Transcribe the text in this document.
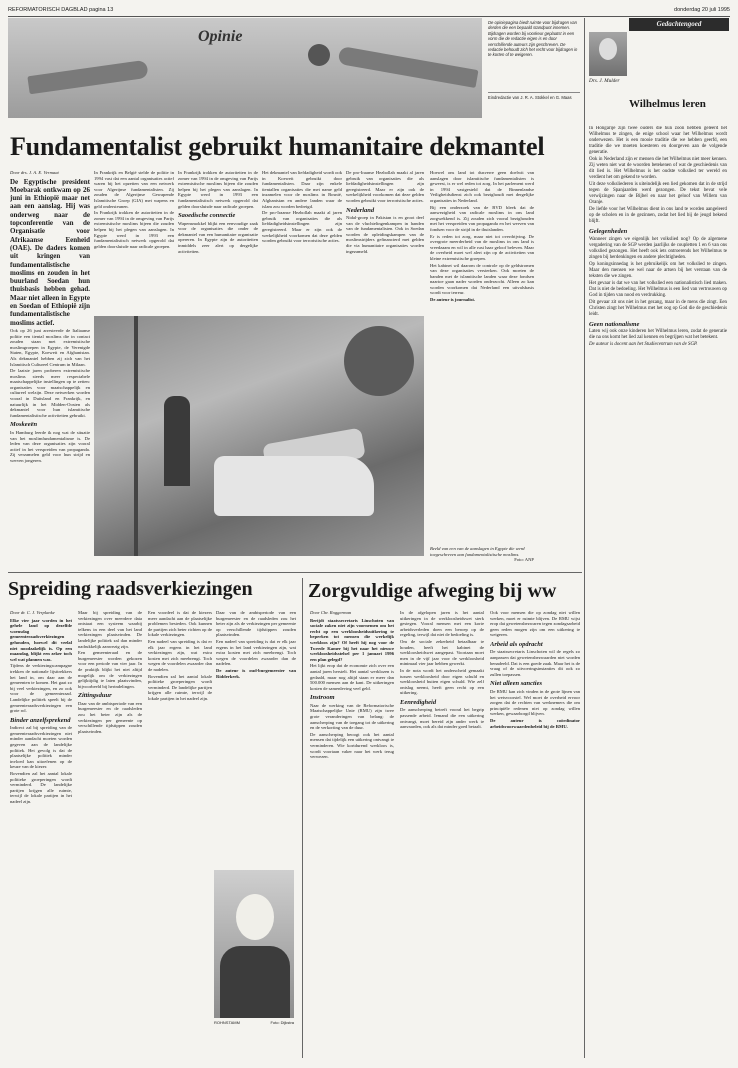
REFORMATORISCH DAGBLAD pagina 13	donderdag 20 juli 1995
Opinie
De opiniepagina biedt ruimte voor bijdragen van derden die een bepaald standpunt innemen. Bijdragen worden bij voorkeur geplaatst in een vorm die de redactie eigen is en door verschillende auteurs zijn geschreven. De redactie behoudt zich het recht voor bijdragen in te korten of te weigeren.
Eindredactie van J. R. A. Stokkel en G. Maas
Gedachtengoed
Drs. J. Mulder
Wilhelmus leren
Fundamentalist gebruikt humanitaire dekmantel
Door drs. J. A. E. Vermaat

De Egyptische president Moebarak ontkwam op 26 juni in Ethiopië maar net aan een aanslag. Hij was onderweg naar de topconferentie van de Organisatie voor Afrikaanse Eenheid (OAE). De daders komen uit kringen van fundamentalistische moslims en zouden in het buurland Soedan hun thuisbasis hebben gehad. Maar niet alleen in Egypte en Soedan of Ethiopië zijn fundamentalistische moslims actief.

Ook op 26 juni arresteerde de Italiaanse politie een tiental moslims die in contact zouden staan met extremistische moslimgroepen in Egypte, de Verenigde Staten, Egypte, Koeweit en Afghanistan. Als dekmantel hebben zij zich van het Islamitisch Cultureel Centrum in Milaan.

De laatste jaren proberen extremistische moslims steeds meer respectabele maatschappelijke instellingen op te zetten: organisaties voor maatschappelijk en cultureel welzijn. Deze netwerken worden vooral in Duitsland en Frankrijk, en natuurlijk in het Midden-Oosten als dekmantel voor hun islamitische fundamentalistische activiteiten gebruikt.

Moskeeën

In Hamburg leerde ik nog wat de situatie van het moslimfundamentalisme is. De leden van deze organisaties zijn vooral actief in het verspreiden van propaganda. Zij verzamelen geld voor hun strijd en werven jongeren.

In Frankrijk en België stelde de politie in 1994 vast dat een aantal organisaties actief waren bij het opzetten van een netwerk voor Algerijnse fundamentalisten. Zij zouden de Algerijnse Gewapende Islamitische Groep (GIA) met wapens en geld ondersteunen.

In Frankrijk trokken de autoriteiten in de zomer van 1994 in de omgeving van Parijs extremistische moslims bijeen die zouden helpen bij het plegen van aanslagen. In Egypte werd in 1993 een fundamentalistisch netwerk opgerold dat gelden doorsluisde naar radicale groepen.

In Frankrijk trokken de autoriteiten in de zomer van 1994 in de omgeving van Parijs extremistische moslims bijeen die zouden helpen bij het plegen van aanslagen. In Egypte werd in 1993 een fundamentalistisch netwerk opgerold dat gelden doorsluisde naar radicale groepen.

Saoedische connectie

Wapensmokkel blijkt een eenvoudige zaak voor de organisaties die onder de dekmantel van een humanitaire organisatie opereren. In Egypte zijn de autoriteiten inmiddels zeer alert op dergelijke activiteiten.

Het dekmantel van liefdadigheid wordt ook in Koeweit gebruikt door fundamentalisten. Daar zijn enkele tientallen organisaties die met name geld inzamelen voor de moslims in Bosnië, Afghanistan en andere landen waar de islam zou worden bedreigd.

De pro-Iraanse Hezbollah maakt al jaren gebruik van organisaties die als liefdadigheidsinstellingen zijn geregistreerd. Maar er zijn ook de werkelijkheid voorkomen dat deze gelden worden gebruikt voor terroristische acties.

De pro-Iraanse Hezbollah maakt al jaren gebruik van organisaties die als liefdadigheidsinstellingen zijn geregistreerd. Maar er zijn ook de werkelijkheid voorkomen dat deze gelden worden gebruikt voor terroristische acties.

Nederland

Nidal-groep in Pakistan is en groot deel van de vluchtelingenkampen in handen van de fundamentalisten. Ook in Soedan worden de opleidingskampen van de moslimstrijders gefinancierd met gelden die via humanitaire organisaties worden ingezameld.

Hoewel ons land tot dusverre geen doelwit van aanslagen door islamitische fundamentalisten is geweest, is er wel reden tot zorg. In het parlement werd in 1994 vastgesteld dat de Binnenlandse Veiligheidsdienst zich ook bezighoudt met dergelijke organisaties in Nederland.

Bij een onderzoek van de BVD bleek dat de aanwezigheid van radicale moslims in ons land zorgwekkend is. Zij zouden zich vooral bezighouden met het verspreiden van propaganda en het werven van fondsen voor de strijd in de thuislanden.

Er is reden tot zorg, maar niet tot overdrijving. De overgrote meerderheid van de moslims in ons land is vreedzaam en wil in alle rust haar geloof beleven. Maar de overheid moet wel alert zijn op de activiteiten van kleine extremistische groepen.

Het kabinet wil daarom de controle op de geldstromen van deze organisaties versterken. Ook moeten de banden met de islamitische landen waar deze fondsen naartoe gaan nader worden onderzocht. Alleen zo kan worden voorkomen dat Nederland een uitvalsbasis wordt voor terreur.

De auteur is journalist.

Beeld van een van de aanslagen in Egypte die werd toegeschreven aan fundamentalistische moslims.
Foto: ANP

In Hongarije zijn twee ouders die hun zoon hebben geleerd het Wilhelmus te zingen, de enige school waar het Wilhelmus wordt onderwezen. Het is een mooie traditie die we hebben geerfd, een traditie die we moeten koesteren en doorgeven aan de volgende generatie.

Ook in Nederland zijn er mensen die het Wilhelmus niet meer kennen. Zij weten niet wat de woorden betekenen of wat de geschiedenis van dit lied is. Het Wilhelmus is het oudste volkslied ter wereld en verdient het om gekend te worden.

Uit deze volksliederen is uiteindelijk een lied gekomen dat in de strijd tegen de Spanjaarden werd gezongen. De tekst bevat vele verwijzingen naar de Bijbel en naar het geloof van Willem van Oranje.

De liefde voor het Wilhelmus dient in ons land te worden aangeleerd op de scholen en in de gezinnen, zodat het lied bij de jeugd bekend blijft.

Gelegenheden

Wanneer zingen we eigenlijk het volkslied nog? Op de algemene vergadering van de SGP werden jaarlijks de coupletten 1 en 6 van ons volkslied gezongen. Het heeft ook iets ontroerends het Wilhelmus te zingen bij herdenkingen en andere plechtigheden.

Op koningsinnedag is het gebruikelijk om het volkslied te zingen. Maar den mensen we wel naar de artsen bij het verstaan van de teksten die we zingen.

Het gevaar is dat we van het volkslied een nationalistisch lied maken. Dat is niet de bedoeling. Het Wilhelmus is een lied van vertrouwen op God in tijden van nood en verdrukking.

Dit gevaar zit ons niet in het gezang, maar in de mens die zingt. Een Christen zingt het Wilhelmus met het oog op God die de geschiedenis leidt.

Geen nationalisme

Laten wij ook onze kinderen het Wilhelmus leren, zodat de generatie die na ons komt het lied zal kennen en begrijpen wat het betekent.

De auteur is docent aan het Studiecentrum van de SGP.

Spreiding raadsverkiezingen
Door dr. C. J. Verplanke

Elke vier jaar worden in het gehele land op dezelfde woensdag gemeenteraadsverkiezingen gehouden, hoewel dit veelal niet noodzakelijk is. Op een maandag, blijkt een zeker toch wel wat plannen was.

Tijdens de verkiezingscampagne trekken de nationale lijsttrekkers het land in, om daar aan de gemeenten te komen. Het gaat zo bij veel verkiezingen, en zo ook voor de gemeenteraad. Landelijke politiek speelt bij de gemeenteraadsverkiezingen een grote rol.

Binder anzelfsprekend

Indirect zal bij spreiding van de gemeenteraadsverkiezingen niet minder aandacht moeten worden gegeven aan de landelijke politiek. Het gevolg is dat de plaatselijke politiek minder invloed kan uitoefenen op de keuze van de kiezer.

Bovendien zal het aantal lokale politieke groeperingen wordt verminderd. De landelijke partijen krijgen alle ruimte, terwijl de lokale partijen in het nadeel zijn.

Maar bij spreiding van de verkiezingen over meerdere data ontstaat een systeem waarbij telkens in een deel van het land verkiezingen plaatsvinden. De landelijke politiek zal dan minder nadrukkelijk aanwezig zijn.

Een gemeenteraad en de burgemeester worden gekozen voor een periode van vier jaar. In de praktijk blijkt het niet altijd mogelijk om de verkiezingen gelijktijdig te laten plaatsvinden, bijvoorbeeld bij herindelingen.

Zittingsduur

Daar van de ambtsperiode van een burgemeester en de raadsleden zou het beter zijn als de verkiezingen per gemeente op verschillende tijdstippen zouden plaatsvinden.

Een voordeel is dat de kiezers meer aandacht aan de plaatselijke problemen besteden. Ook kunnen de partijen zich beter richten op de lokale verkiezingen.

Een nadeel van spreiding is dat er elk jaar ergens in het land verkiezingen zijn, wat extra kosten met zich meebrengt. Toch wegen de voordelen zwaarder dan de nadelen.

Bovendien zal het aantal lokale politieke groeperingen wordt verminderd. De landelijke partijen krijgen alle ruimte, terwijl de lokale partijen in het nadeel zijn.

Daar van de ambtsperiode van een burgemeester en de raadsleden zou het beter zijn als de verkiezingen per gemeente op verschillende tijdstippen zouden plaatsvinden.

Een nadeel van spreiding is dat er elk jaar ergens in het land verkiezingen zijn, wat extra kosten met zich meebrengt. Toch wegen de voordelen zwaarder dan de nadelen.

De auteur is oud-burgemeester van Ridderkerk.

ROHNSTAMM	Foto: Dijkstra
Zorgvuldige afweging bij ww
Door Chr. Roggerman

Berijdt staatssecretaris Linschoten van sociale zaken niet zijn voornemen om het recht op een werkloosheidsuitkering te beperken tot mensen die werkelijk werkloos zijn? Of heeft hij nog voor de Tweede Kamer bij het naar het nieuwe werkloosheidsstelsel per 1 januari 1996 een plan gelegd?

Het lijkt erop dat de economie zich over een aantal jaren herstelt. Het aantal werklozen is gedaald, maar nog altijd staan er meer dan 500.000 mensen aan de kant. De uitkeringen kosten de samenleving veel geld.

Instroom

Naar de werking van de Reformatorische Maatschappelijke Unie (RMU) zijn twee grote veranderingen van belang: de aanscherping van de toegang tot de uitkering en de verkorting van de duur.

De aanscherping beoogt ook het aantal mensen dat tijdelijk een uitkering ontvangt te verminderen. Wie kortdurend werkloos is, wordt voortaan vaker naar het werk terug verwezen.

In de afgelopen jaren is het aantal uitkeringen in de werkloosheidswet sterk gestegen. Vooral mensen met een korte arbeidsverleden doen een beroep op de regeling, terwijl dat niet de bedoeling is.

Om de sociale zekerheid betaalbaar te houden, heeft het kabinet de werkloosheidswet aangepast. Voortaan moet men in de vijf jaar voor de werkloosheid minimaal vier jaar hebben gewerkt.

In de nota wordt het onderscheid gemaakt tussen werkloosheid door eigen schuld en werkloosheid buiten eigen schuld. Wie zelf ontslag neemt, heeft geen recht op een uitkering.

Eenredigheid

De aanscherping betreft vooral het begrip passende arbeid. Iemand die een uitkering ontvangt, moet bereid zijn ander werk te aanvaarden, ook als dat minder goed betaalt.

Ook voor mensen die op zondag niet willen werken, moet er ruimte blijven. De RMU wijst erop dat gewetensbezwaren tegen zondagsarbeid geen reden mogen zijn om een uitkering te weigeren.

Arbeid als opdracht

De staatssecretaris Linschoten wil de regels zo aanpassen dat gewetensbezwaarden niet worden benadeeld. Dat is een goede zaak. Maar het is de vraag of de uitvoeringsinstanties dit ook zo zullen toepassen.

Niet alleen sancties

De RMU kan zich vinden in de grote lijnen van het wetsvoorstel. Wel moet de overheid ervoor zorgen dat de rechten van werknemers die om principiële redenen niet op zondag willen werken, gewaarborgd blijven.

De auteur is coördinator arbeidsvoorwaardenbeleid bij de RMU.
